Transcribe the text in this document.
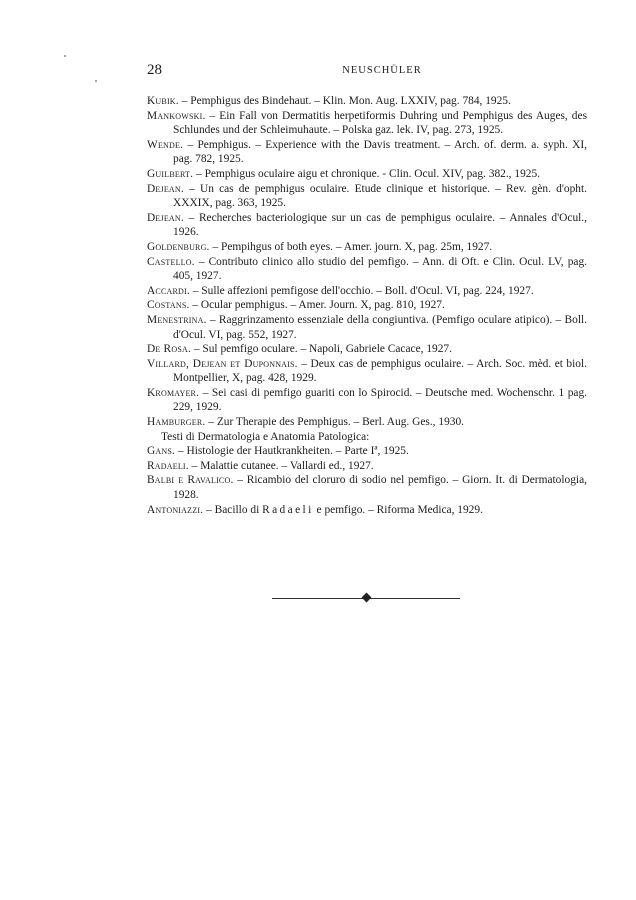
28	NEUSCHÜLER

Kubik. – Pemphigus des Bindehaut. – Klin. Mon. Aug. LXXIV, pag. 784, 1925.

Mankowski. – Ein Fall von Dermatitis herpetiformis Duhring und Pemphigus des Auges, des Schlundes und der Schleimuhaute. – Polska gaz. lek. IV, pag. 273, 1925.

Wende. – Pemphigus. – Experience with the Davis treatment. – Arch. of. derm. a. syph. XI, pag. 782, 1925.

Guilbert. – Pemphigus oculaire aigu et chronique. - Clin. Ocul. XIV, pag. 382., 1925.

Dejean. – Un cas de pemphigus oculaire. Etude clinique et historique. – Rev. gèn. d'opht. XXXIX, pag. 363, 1925.

Dejean. – Recherches bacteriologique sur un cas de pemphigus oculaire. – Annales d'Ocul., 1926.

Goldenburg. – Pempihgus of both eyes. – Amer. journ. X, pag. 25m, 1927.

Castello. – Contributo clinico allo studio del pemfigo. – Ann. di Oft. e Clin. Ocul. LV, pag. 405, 1927.

Accardi. – Sulle affezioni pemfigose dell'occhio. – Boll. d'Ocul. VI, pag. 224, 1927.

Costans. – Ocular pemphigus. – Amer. Journ. X, pag. 810, 1927.

Menestrina. – Raggrinzamento essenziale della congiuntiva. (Pemfigo oculare atipico). – Boll. d'Ocul. VI, pag. 552, 1927.

De Rosa. – Sul pemfigo oculare. – Napoli, Gabriele Cacace, 1927.

Villard, Dejean et Duponnais. – Deux cas de pemphigus oculaire. – Arch. Soc. mèd. et biol. Montpellier, X, pag. 428, 1929.

Kromayer. – Sei casi di pemfigo guariti con lo Spirocid. – Deutsche med. Wochenschr. 1 pag. 229, 1929.

Hamburger. – Zur Therapie des Pemphigus. – Berl. Aug. Ges., 1930.

Testi di Dermatologia e Anatomia Patologica:

Gans. – Histologie der Hautkrankheiten. – Parte Iª, 1925.

Radaeli. – Malattie cutanee. – Vallardi ed., 1927.

Balbi e Ravalico. – Ricambio del cloruro di sodio nel pemfigo. – Giorn. It. di Dermatologia, 1928.

Antoniazzi. – Bacillo di Radaeli e pemfigo. – Riforma Medica, 1929.
